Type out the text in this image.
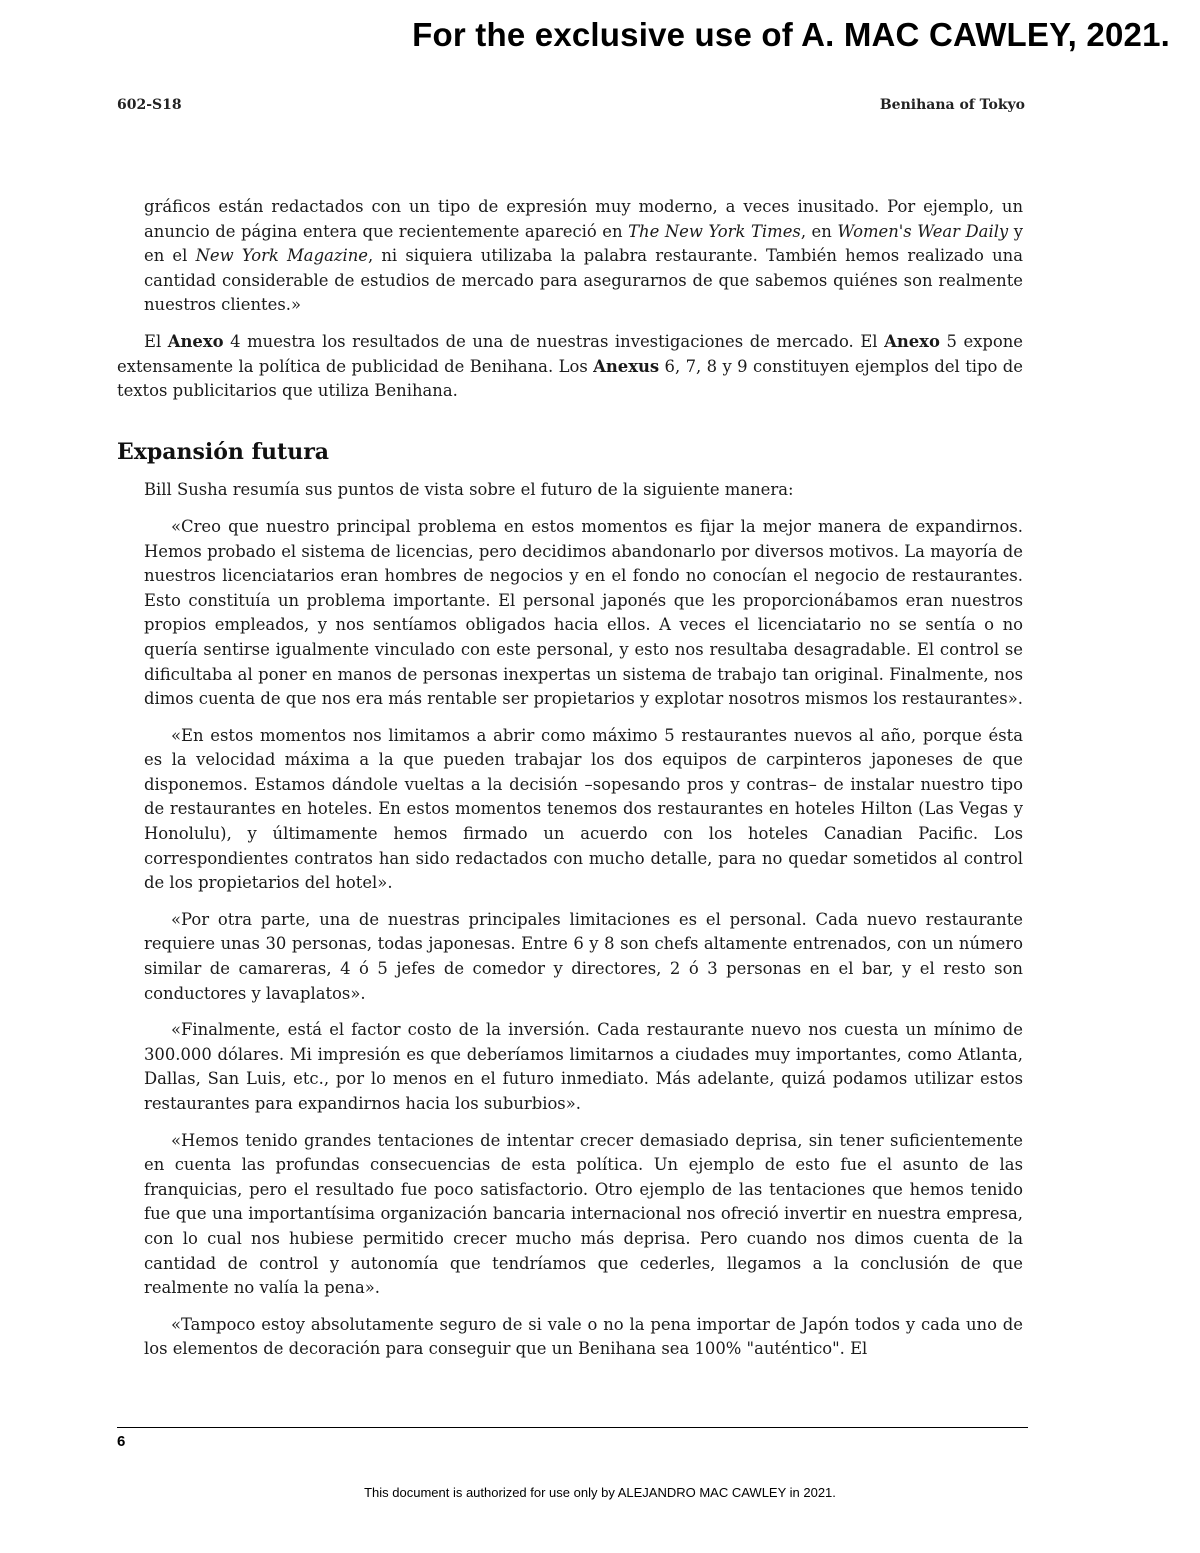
For the exclusive use of A. MAC CAWLEY, 2021.
602-S18	Benihana of Tokyo

gráficos están redactados con un tipo de expresión muy moderno, a veces inusitado. Por ejemplo, un anuncio de página entera que recientemente apareció en The New York Times, en Women's Wear Daily y en el New York Magazine, ni siquiera utilizaba la palabra restaurante. También hemos realizado una cantidad considerable de estudios de mercado para asegurarnos de que sabemos quiénes son realmente nuestros clientes.»

El Anexo 4 muestra los resultados de una de nuestras investigaciones de mercado. El Anexo 5 expone extensamente la política de publicidad de Benihana. Los Anexus 6, 7, 8 y 9 constituyen ejemplos del tipo de textos publicitarios que utiliza Benihana.

Expansión futura

Bill Susha resumía sus puntos de vista sobre el futuro de la siguiente manera:

«Creo que nuestro principal problema en estos momentos es fijar la mejor manera de expandirnos. Hemos probado el sistema de licencias, pero decidimos abandonarlo por diversos motivos. La mayoría de nuestros licenciatarios eran hombres de negocios y en el fondo no conocían el negocio de restaurantes. Esto constituía un problema importante. El personal japonés que les proporcionábamos eran nuestros propios empleados, y nos sentíamos obligados hacia ellos. A veces el licenciatario no se sentía o no quería sentirse igualmente vinculado con este personal, y esto nos resultaba desagradable. El control se dificultaba al poner en manos de personas inexpertas un sistema de trabajo tan original. Finalmente, nos dimos cuenta de que nos era más rentable ser propietarios y explotar nosotros mismos los restaurantes».

«En estos momentos nos limitamos a abrir como máximo 5 restaurantes nuevos al año, porque ésta es la velocidad máxima a la que pueden trabajar los dos equipos de carpinteros japoneses de que disponemos. Estamos dándole vueltas a la decisión –sopesando pros y contras– de instalar nuestro tipo de restaurantes en hoteles. En estos momentos tenemos dos restaurantes en hoteles Hilton (Las Vegas y Honolulu), y últimamente hemos firmado un acuerdo con los hoteles Canadian Pacific. Los correspondientes contratos han sido redactados con mucho detalle, para no quedar sometidos al control de los propietarios del hotel».

«Por otra parte, una de nuestras principales limitaciones es el personal. Cada nuevo restaurante requiere unas 30 personas, todas japonesas. Entre 6 y 8 son chefs altamente entrenados, con un número similar de camareras, 4 ó 5 jefes de comedor y directores, 2 ó 3 personas en el bar, y el resto son conductores y lavaplatos».

«Finalmente, está el factor costo de la inversión. Cada restaurante nuevo nos cuesta un mínimo de 300.000 dólares. Mi impresión es que deberíamos limitarnos a ciudades muy importantes, como Atlanta, Dallas, San Luis, etc., por lo menos en el futuro inmediato. Más adelante, quizá podamos utilizar estos restaurantes para expandirnos hacia los suburbios».

«Hemos tenido grandes tentaciones de intentar crecer demasiado deprisa, sin tener suficientemente en cuenta las profundas consecuencias de esta política. Un ejemplo de esto fue el asunto de las franquicias, pero el resultado fue poco satisfactorio. Otro ejemplo de las tentaciones que hemos tenido fue que una importantísima organización bancaria internacional nos ofreció invertir en nuestra empresa, con lo cual nos hubiese permitido crecer mucho más deprisa. Pero cuando nos dimos cuenta de la cantidad de control y autonomía que tendríamos que cederles, llegamos a la conclusión de que realmente no valía la pena».

«Tampoco estoy absolutamente seguro de si vale o no la pena importar de Japón todos y cada uno de los elementos de decoración para conseguir que un Benihana sea 100% "auténtico". El

6
This document is authorized for use only by ALEJANDRO MAC CAWLEY in 2021.
